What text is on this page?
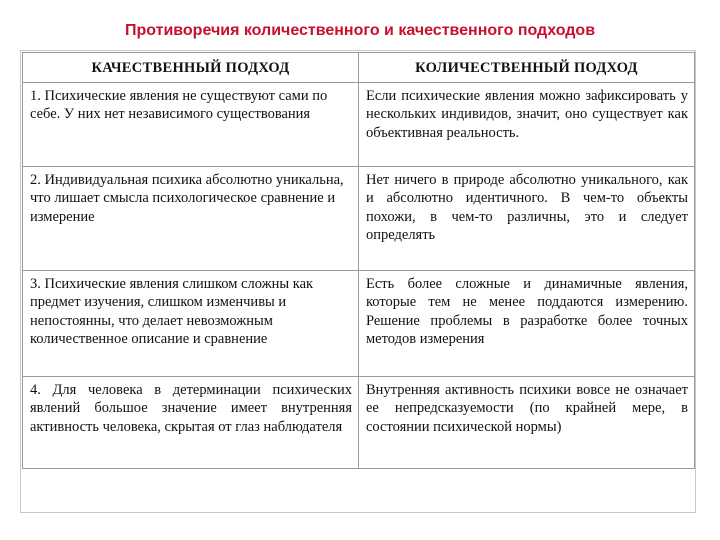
Противоречия количественного и качественного подходов
КАЧЕСТВЕННЫЙ ПОДХОД	КОЛИЧЕСТВЕННЫЙ ПОДХОД
1. Психические явления не существуют сами по себе. У них нет независимого существования	Если психические явления можно зафиксировать у нескольких индивидов, значит, оно существует как объективная реальность.
2. Индивидуальная психика абсолютно уникальна, что лишает смысла психологическое сравнение и измерение	Нет ничего в природе абсолютно уникального, как и абсолютно идентичного. В чем-то объекты похожи, в чем-то различны, это и следует определять
3. Психические явления слишком сложны как предмет изучения, слишком изменчивы и непостоянны, что делает невозможным количественное описание и сравнение	Есть более сложные и динамичные явления, которые тем не менее поддаются измерению. Решение проблемы в разработке более точных методов измерения
4. Для человека в детерминации психических явлений большое значение имеет внутренняя активность человека, скрытая от глаз наблюдателя	Внутренняя активность психики вовсе не означает ее непредсказуемости (по крайней мере, в состоянии психической нормы)
